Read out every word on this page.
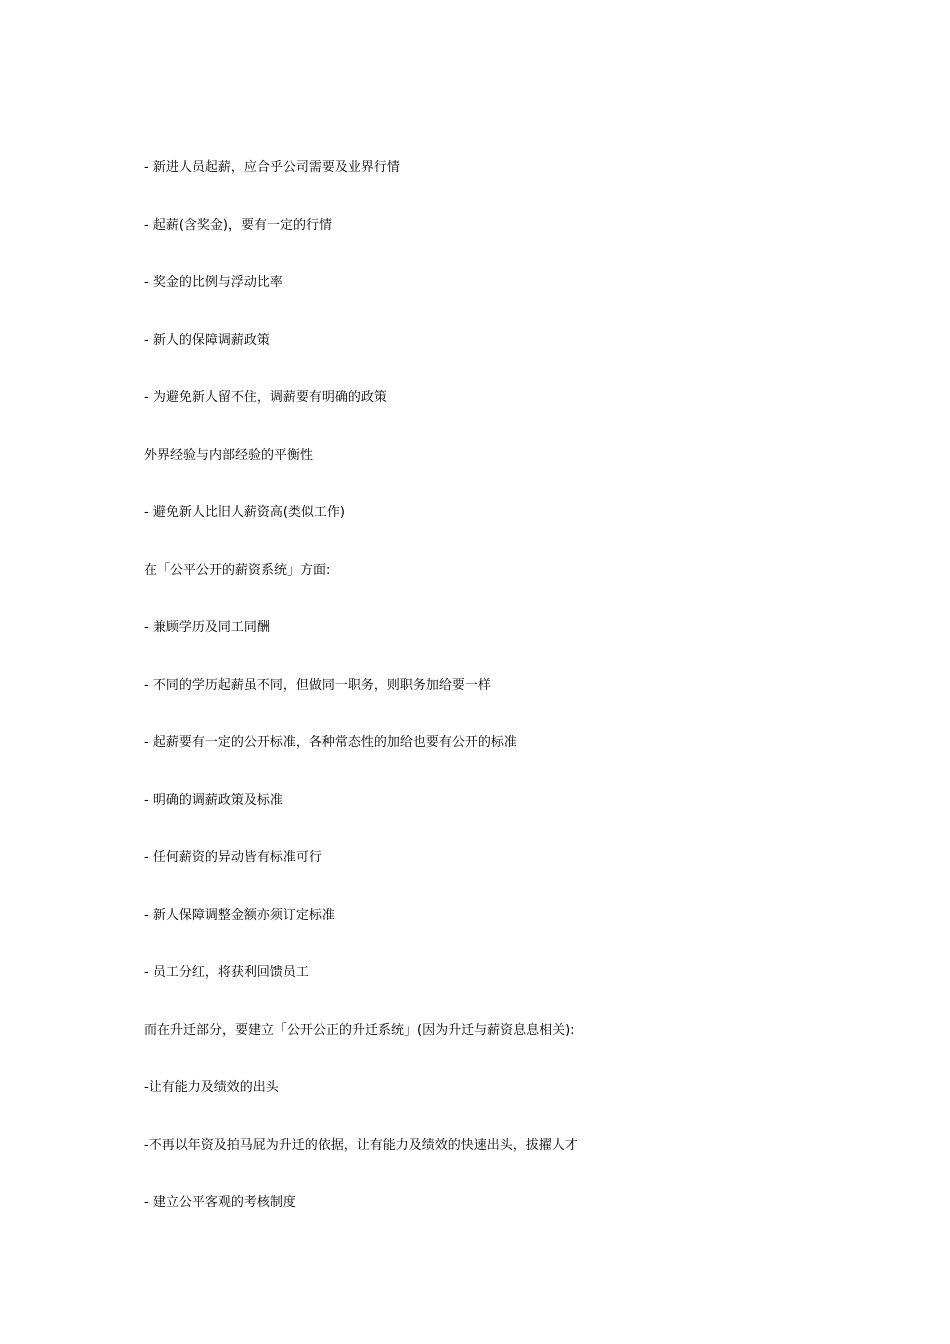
- 新进人员起薪，应合乎公司需要及业界行情
- 起薪(含奖金)，要有一定的行情
- 奖金的比例与浮动比率
- 新人的保障调薪政策
- 为避免新人留不住，调薪要有明确的政策
外界经验与内部经验的平衡性
- 避免新人比旧人薪资高(类似工作)
在「公平公开的薪资系统」方面:
- 兼顾学历及同工同酬
- 不同的学历起薪虽不同，但做同一职务，则职务加给要一样
- 起薪要有一定的公开标准，各种常态性的加给也要有公开的标准
- 明确的调薪政策及标准
- 任何薪资的异动皆有标准可行
- 新人保障调整金额亦须订定标准
- 员工分红，将获利回馈员工
而在升迁部分，要建立「公开公正的升迁系统」(因为升迁与薪资息息相关):
-让有能力及绩效的出头
-不再以年资及拍马屁为升迁的依据，让有能力及绩效的快速出头，拔擢人才
- 建立公平客观的考核制度
